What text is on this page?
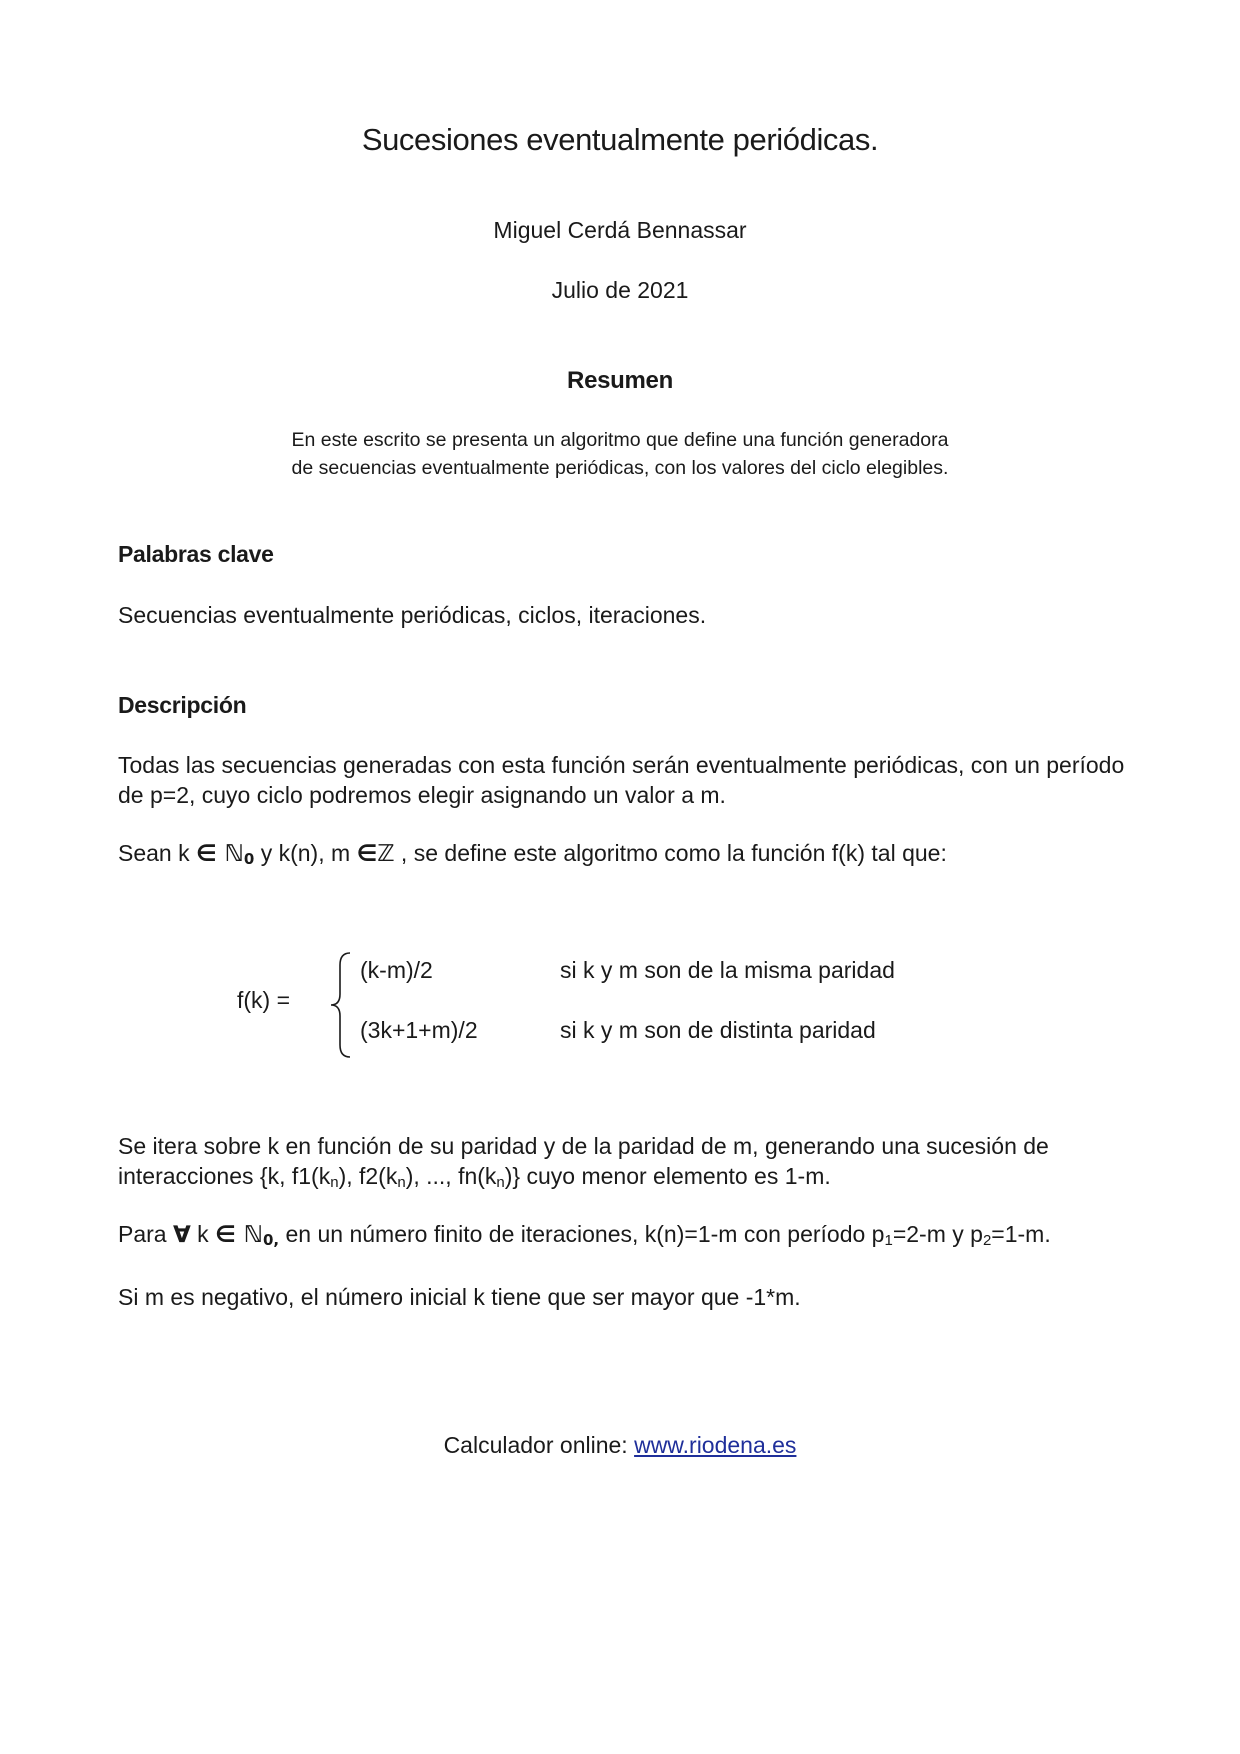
Sucesiones eventualmente periódicas.
Miguel Cerdá Bennassar
Julio de 2021
Resumen
En este escrito se presenta un algoritmo que define una función generadora
de secuencias eventualmente periódicas, con los valores del ciclo elegibles.
Palabras clave
Secuencias eventualmente periódicas, ciclos, iteraciones.
Descripción
Todas las secuencias generadas con esta función serán eventualmente periódicas, con un período de p=2, cuyo ciclo podremos elegir asignando un valor a m.
Sean k ∈ ℕ$_0$ y k(n), m ∈ℤ , se define este algoritmo como la función f(k) tal que:
f(k) =
(k-m)/2	si k y m son de la misma paridad
(3k+1+m)/2	si k y m son de distinta paridad
Se itera sobre k en función de su paridad y de la paridad de m, generando una sucesión de interacciones {k, $f1(k_n)$, $f2(k_n)$, ..., $fn(k_n)$} cuyo menor elemento es 1-m.
Para ∀ k ∈ ℕ$_{0,}$ en un número finito de iteraciones, k(n)=1-m con período $p_1=2-m$ y $p_2=1-m$.
Si m es negativo, el número inicial k tiene que ser mayor que -1*m.
Calculador online: www.riodena.es
